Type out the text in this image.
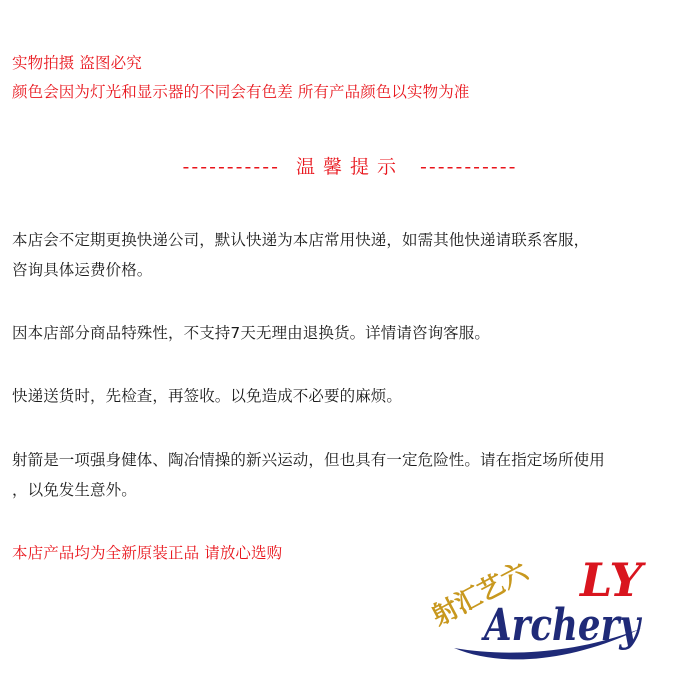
实物拍摄 盗图必究
颜色会因为灯光和显示器的不同会有色差 所有产品颜色以实物为准
----------- 温馨提示 -----------
本店会不定期更换快递公司，默认快递为本店常用快递，如需其他快递请联系客服，
咨询具体运费价格。
因本店部分商品特殊性，不支持7天无理由退换货。详情请咨询客服。
快递送货时，先检查，再签收。以免造成不必要的麻烦。
射箭是一项强身健体、陶冶情操的新兴运动，但也具有一定危险性。请在指定场所使用
，以免发生意外。
本店产品均为全新原装正品 请放心选购
射汇艺六 LY
Archery
